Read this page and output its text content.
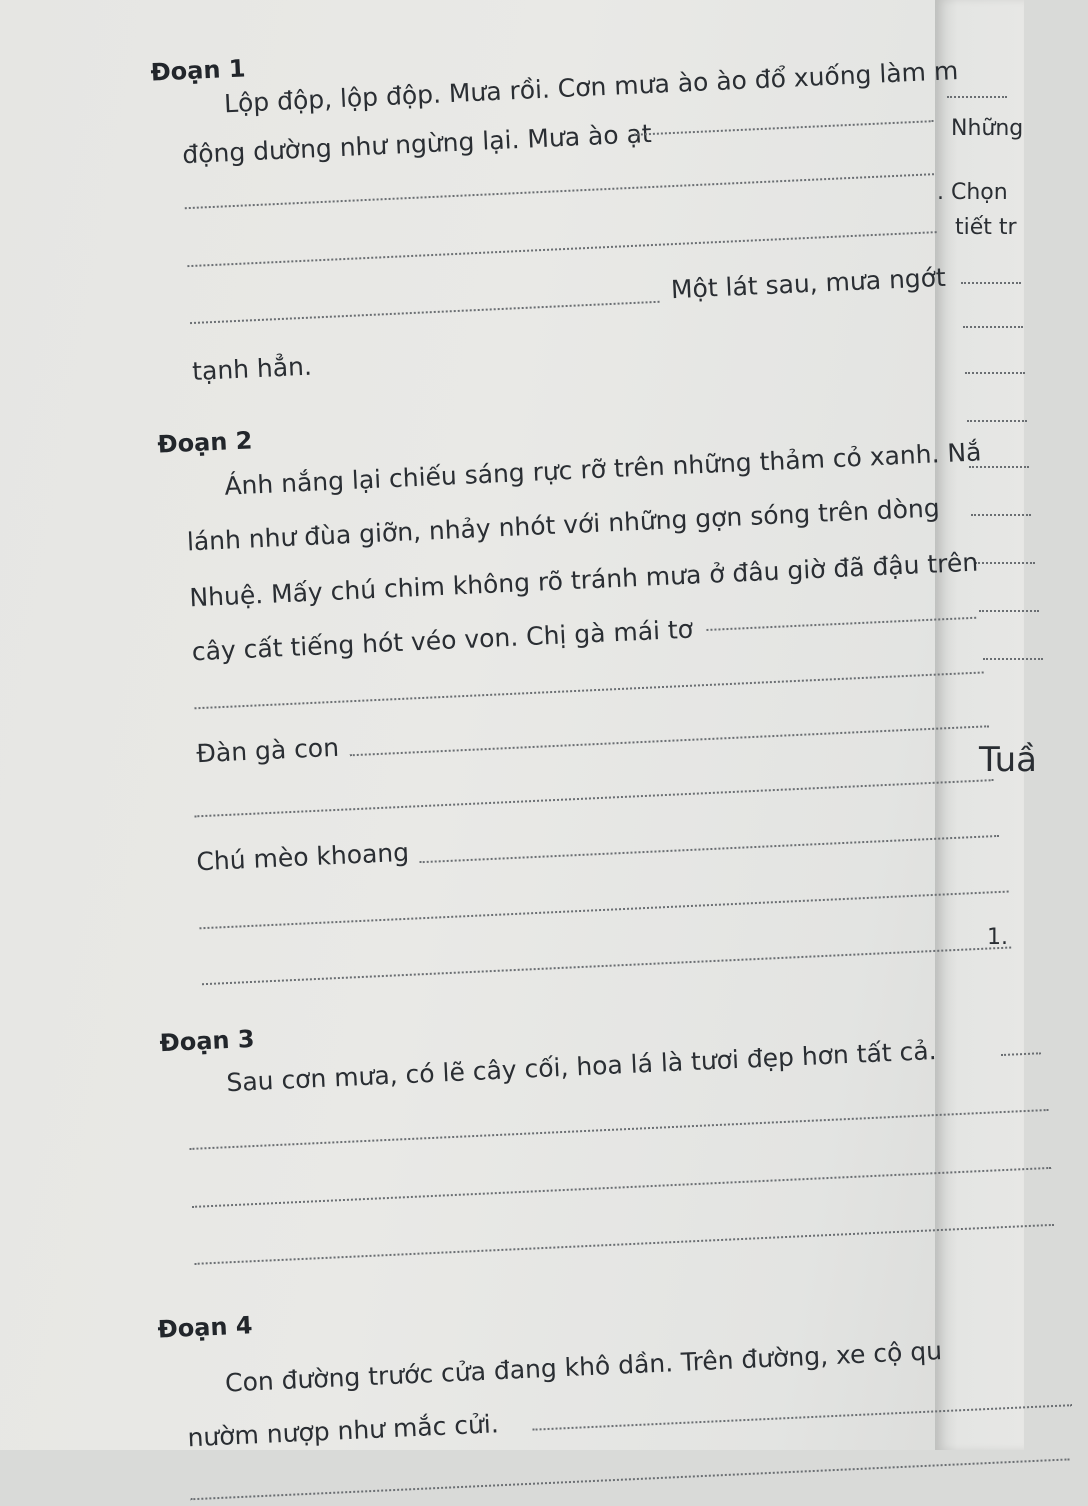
Những
. Chọn
tiết tr
Tuầ
1.
Đoạn 1
Lộp độp, lộp độp. Mưa rồi. Cơn mưa ào ào đổ xuống làm m
động dường như ngừng lại. Mưa ào ạt
Một lát sau, mưa ngớt
tạnh hẳn.
Đoạn 2
Ánh nắng lại chiếu sáng rực rỡ trên những thảm cỏ xanh. Nắ
lánh như đùa giỡn, nhảy nhót với những gợn sóng trên dòng
Nhuệ. Mấy chú chim không rõ tránh mưa ở đâu giờ đã đậu trên
cây cất tiếng hót véo von. Chị gà mái tơ
Đàn gà con
Chú mèo khoang
Đoạn 3
Sau cơn mưa, có lẽ cây cối, hoa lá là tươi đẹp hơn tất cả.
Đoạn 4
Con đường trước cửa đang khô dần. Trên đường, xe cộ qu
nườm nượp như mắc cửi.
